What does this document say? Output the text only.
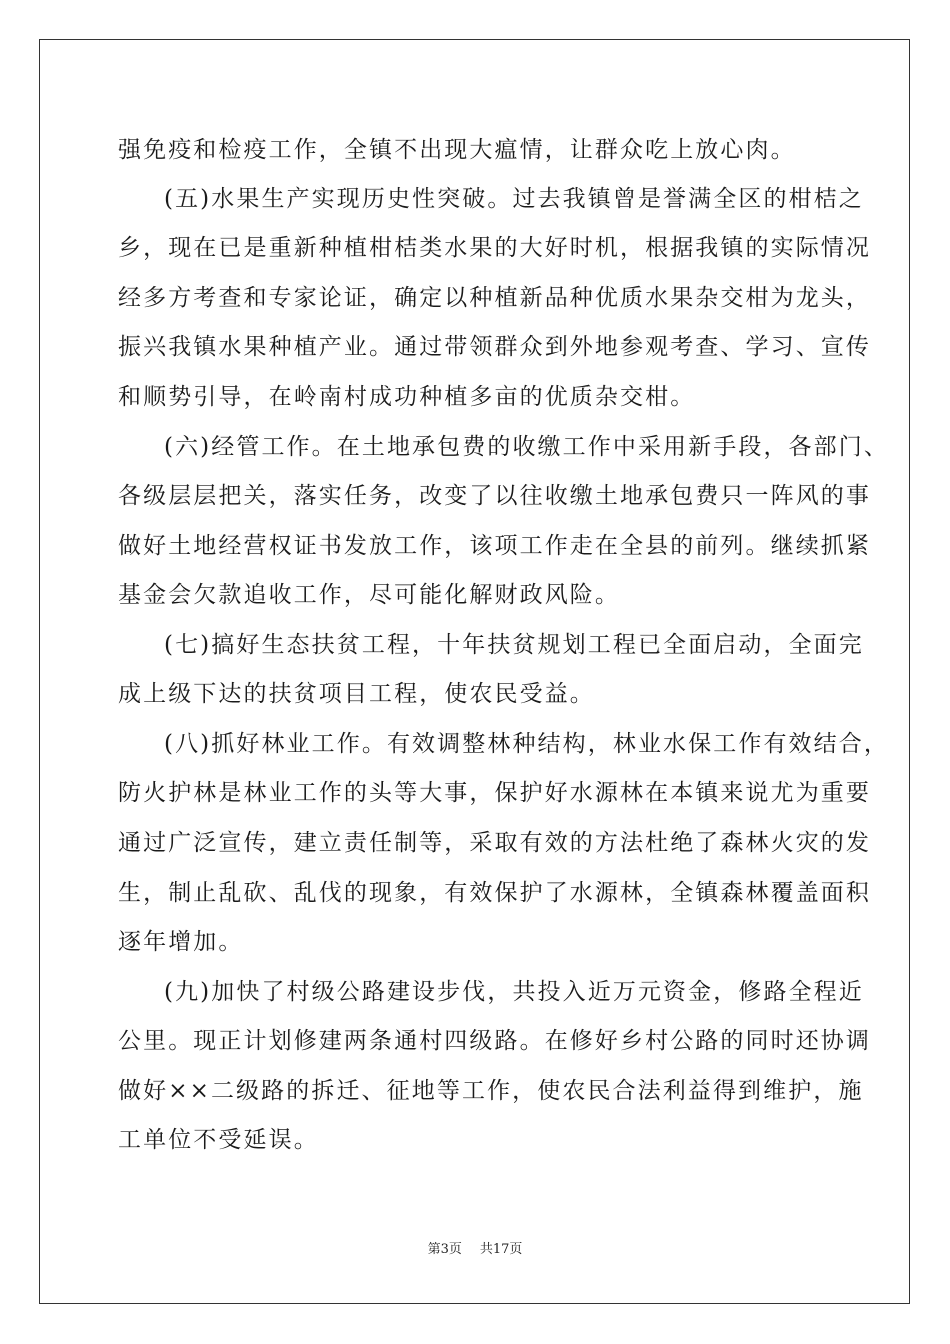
强免疫和检疫工作，全镇不出现大瘟情，让群众吃上放心肉。
(五)水果生产实现历史性突破。过去我镇曾是誉满全区的柑桔之
乡，现在已是重新种植柑桔类水果的大好时机，根据我镇的实际情况
经多方考查和专家论证，确定以种植新品种优质水果杂交柑为龙头，
振兴我镇水果种植产业。通过带领群众到外地参观考查、学习、宣传
和顺势引导，在岭南村成功种植多亩的优质杂交柑。
(六)经管工作。在土地承包费的收缴工作中采用新手段，各部门、
各级层层把关，落实任务，改变了以往收缴土地承包费只一阵风的事
做好土地经营权证书发放工作，该项工作走在全县的前列。继续抓紧
基金会欠款追收工作，尽可能化解财政风险。
(七)搞好生态扶贫工程，十年扶贫规划工程已全面启动，全面完
成上级下达的扶贫项目工程，使农民受益。
(八)抓好林业工作。有效调整林种结构，林业水保工作有效结合，
防火护林是林业工作的头等大事，保护好水源林在本镇来说尤为重要
通过广泛宣传，建立责任制等，采取有效的方法杜绝了森林火灾的发
生，制止乱砍、乱伐的现象，有效保护了水源林，全镇森林覆盖面积
逐年增加。
(九)加快了村级公路建设步伐，共投入近万元资金，修路全程近
公里。现正计划修建两条通村四级路。在修好乡村公路的同时还协调
做好××二级路的拆迁、征地等工作，使农民合法利益得到维护，施
工单位不受延误。
第3页 共17页
